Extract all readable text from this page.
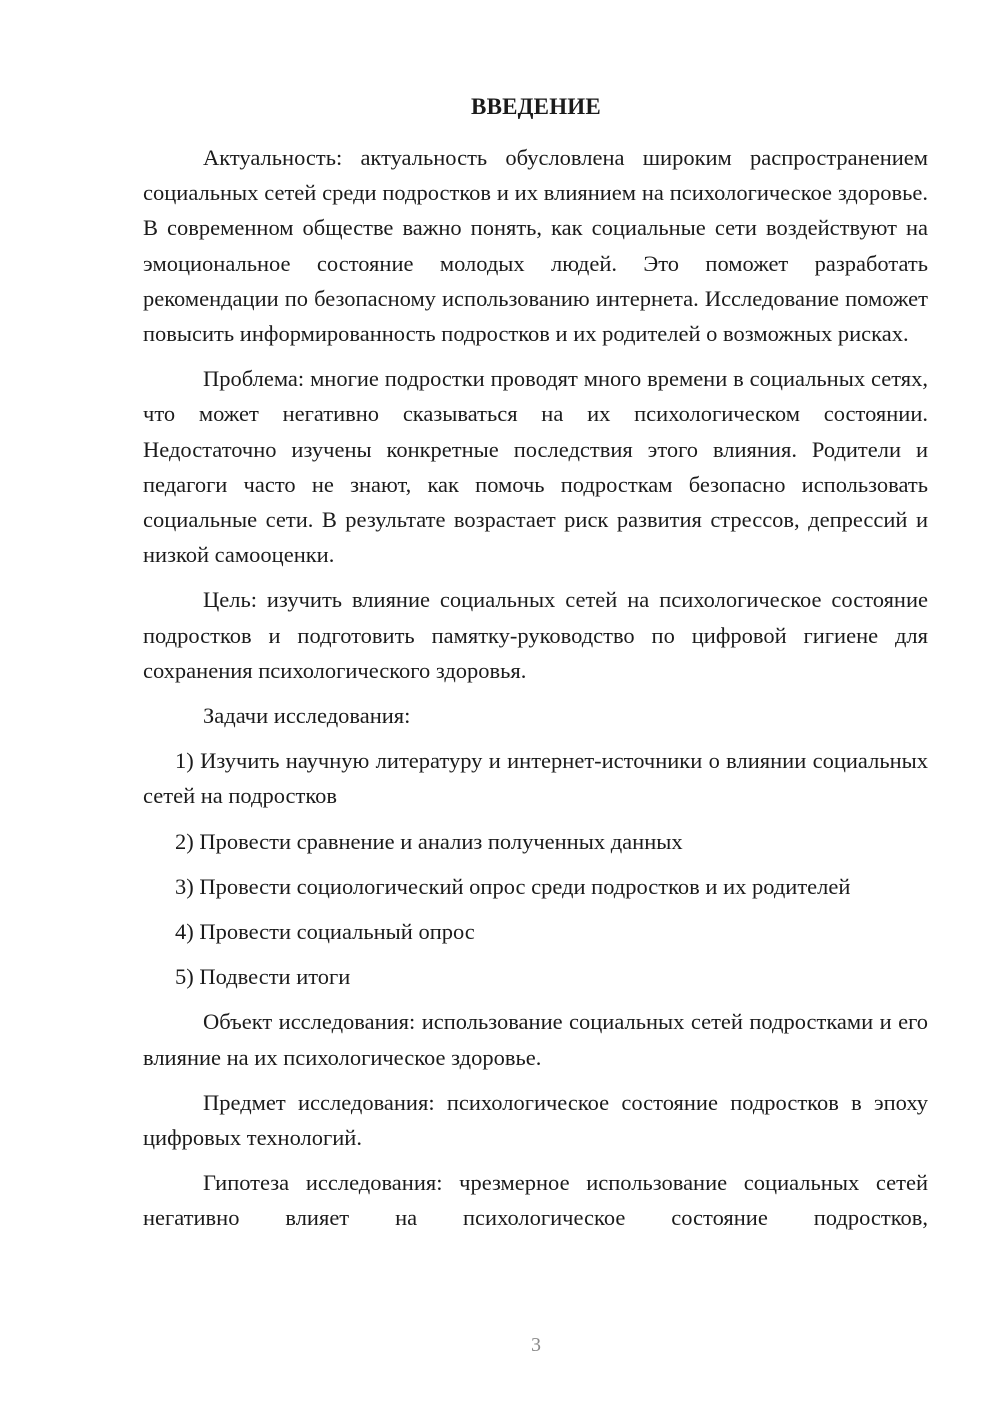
ВВЕДЕНИЕ

Актуальность: актуальность обусловлена широким распространением социальных сетей среди подростков и их влиянием на психологическое здоровье. В современном обществе важно понять, как социальные сети воздействуют на эмоциональное состояние молодых людей. Это поможет разработать рекомендации по безопасному использованию интернета. Исследование поможет повысить информированность подростков и их родителей о возможных рисках.

Проблема: многие подростки проводят много времени в социальных сетях, что может негативно сказываться на их психологическом состоянии. Недостаточно изучены конкретные последствия этого влияния. Родители и педагоги часто не знают, как помочь подросткам безопасно использовать социальные сети. В результате возрастает риск развития стрессов, депрессий и низкой самооценки.

Цель: изучить влияние социальных сетей на психологическое состояние подростков и подготовить памятку-руководство по цифровой гигиене для сохранения психологического здоровья.

Задачи исследования:

1) Изучить научную литературу и интернет-источники о влиянии социальных сетей на подростков

2) Провести сравнение и анализ полученных данных

3) Провести социологический опрос среди подростков и их родителей

4) Провести социальный опрос

5) Подвести итоги

Объект исследования: использование социальных сетей подростками и его влияние на их психологическое здоровье.

Предмет исследования: психологическое состояние подростков в эпоху цифровых технологий.

Гипотеза исследования: чрезмерное использование социальных сетей негативно влияет на психологическое состояние подростков,

3
